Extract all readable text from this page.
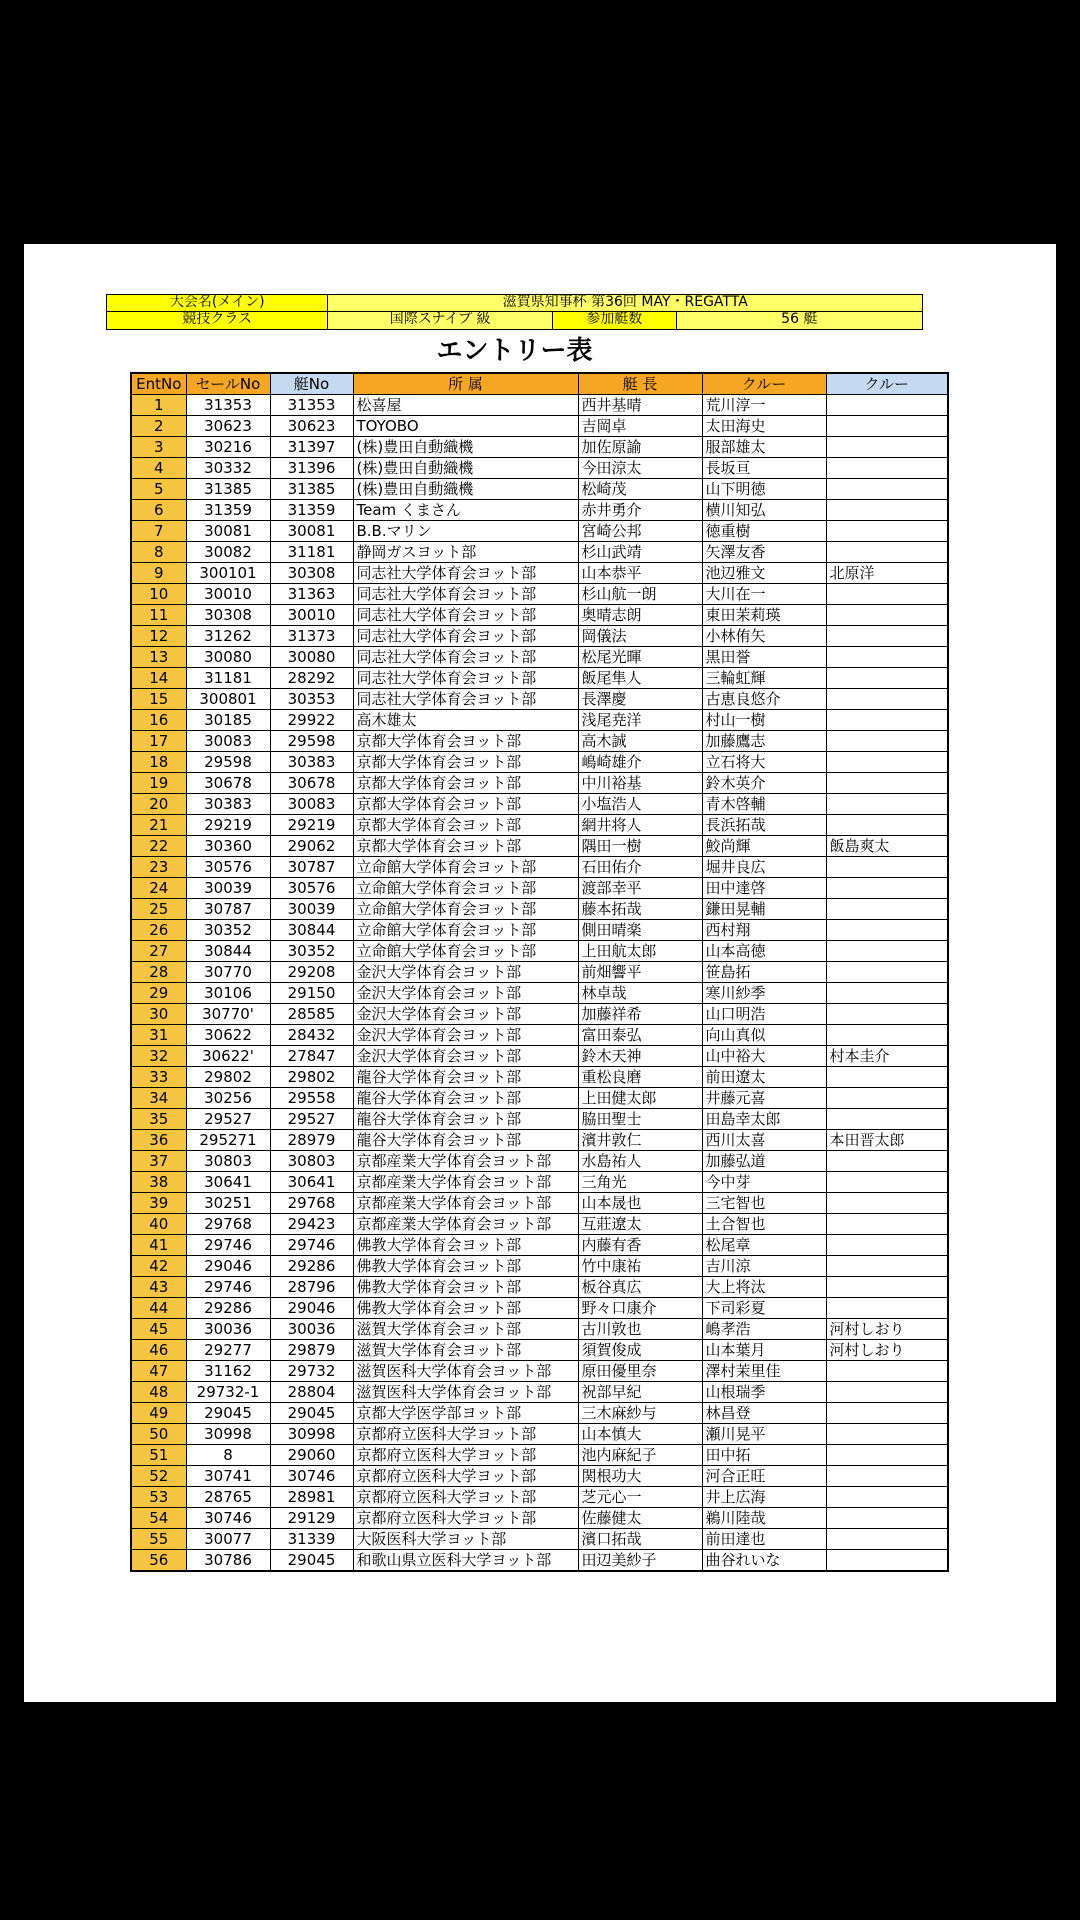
大会名(メイン)	滋賀県知事杯 第36回 MAY・REGATTA
競技クラス	国際スナイプ 級	参加艇数	56 艇
エントリー表
EntNo	セールNo	艇No	所 属	艇 長	クルー	クルー
1	31353	31353	松喜屋	西井基晴	荒川淳一	
2	30623	30623	TOYOBO	吉岡卓	太田海史	
3	30216	31397	(株)豊田自動織機	加佐原諭	服部雄太	
4	30332	31396	(株)豊田自動織機	今田涼太	長坂亘	
5	31385	31385	(株)豊田自動織機	松崎茂	山下明徳	
6	31359	31359	Team くまさん	赤井勇介	横川知弘	
7	30081	30081	B.B.マリン	宮崎公邦	徳重樹	
8	30082	31181	静岡ガスヨット部	杉山武靖	矢澤友香	
9	300101	30308	同志社大学体育会ヨット部	山本恭平	池辺雅文	北原洋
10	30010	31363	同志社大学体育会ヨット部	杉山航一朗	大川在一	
11	30308	30010	同志社大学体育会ヨット部	奥晴志朗	東田茉莉瑛	
12	31262	31373	同志社大学体育会ヨット部	岡儀法	小林侑矢	
13	30080	30080	同志社大学体育会ヨット部	松尾光暉	黒田誉	
14	31181	28292	同志社大学体育会ヨット部	飯尾隼人	三輪虹輝	
15	300801	30353	同志社大学体育会ヨット部	長澤慶	古恵良悠介	
16	30185	29922	高木雄太	浅尾尭洋	村山一樹	
17	30083	29598	京都大学体育会ヨット部	高木誠	加藤鷹志	
18	29598	30383	京都大学体育会ヨット部	嶋崎雄介	立石将大	
19	30678	30678	京都大学体育会ヨット部	中川裕基	鈴木英介	
20	30383	30083	京都大学体育会ヨット部	小塩浩人	青木啓輔	
21	29219	29219	京都大学体育会ヨット部	網井将人	長浜拓哉	
22	30360	29062	京都大学体育会ヨット部	隅田一樹	鮫尚輝	飯島爽太
23	30576	30787	立命館大学体育会ヨット部	石田佑介	堀井良広	
24	30039	30576	立命館大学体育会ヨット部	渡部幸平	田中達啓	
25	30787	30039	立命館大学体育会ヨット部	藤本拓哉	鎌田晃輔	
26	30352	30844	立命館大学体育会ヨット部	側田晴楽	西村翔	
27	30844	30352	立命館大学体育会ヨット部	上田航太郎	山本高徳	
28	30770	29208	金沢大学体育会ヨット部	前畑響平	笹島拓	
29	30106	29150	金沢大学体育会ヨット部	林卓哉	寒川紗季	
30	30770'	28585	金沢大学体育会ヨット部	加藤祥希	山口明浩	
31	30622	28432	金沢大学体育会ヨット部	富田泰弘	向山真似	
32	30622'	27847	金沢大学体育会ヨット部	鈴木天神	山中裕大	村本圭介
33	29802	29802	龍谷大学体育会ヨット部	重松良磨	前田遼太	
34	30256	29558	龍谷大学体育会ヨット部	上田健太郎	井藤元喜	
35	29527	29527	龍谷大学体育会ヨット部	脇田聖士	田島幸太郎	
36	295271	28979	龍谷大学体育会ヨット部	濱井敦仁	西川太喜	本田晋太郎
37	30803	30803	京都産業大学体育会ヨット部	水島祐人	加藤弘道	
38	30641	30641	京都産業大学体育会ヨット部	三角光	今中芽	
39	30251	29768	京都産業大学体育会ヨット部	山本晟也	三宅智也	
40	29768	29423	京都産業大学体育会ヨット部	互莊遼太	土合智也	
41	29746	29746	佛教大学体育会ヨット部	内藤有香	松尾章	
42	29046	29286	佛教大学体育会ヨット部	竹中康祐	吉川涼	
43	29746	28796	佛教大学体育会ヨット部	板谷真広	大上将汰	
44	29286	29046	佛教大学体育会ヨット部	野々口康介	下司彩夏	
45	30036	30036	滋賀大学体育会ヨット部	古川敦也	嶋孝浩	河村しおり
46	29277	29879	滋賀大学体育会ヨット部	須賀俊成	山本葉月	河村しおり
47	31162	29732	滋賀医科大学体育会ヨット部	原田優里奈	澤村茉里佳	
48	29732-1	28804	滋賀医科大学体育会ヨット部	祝部早紀	山根瑞季	
49	29045	29045	京都大学医学部ヨット部	三木麻紗与	林昌登	
50	30998	30998	京都府立医科大学ヨット部	山本慎大	瀬川晃平	
51	8	29060	京都府立医科大学ヨット部	池内麻紀子	田中拓	
52	30741	30746	京都府立医科大学ヨット部	関根功大	河合正旺	
53	28765	28981	京都府立医科大学ヨット部	芝元心一	井上広海	
54	30746	29129	京都府立医科大学ヨット部	佐藤健太	鵜川陸哉	
55	30077	31339	大阪医科大学ヨット部	濱口拓哉	前田達也	
56	30786	29045	和歌山県立医科大学ヨット部	田辺美紗子	曲谷れいな	
